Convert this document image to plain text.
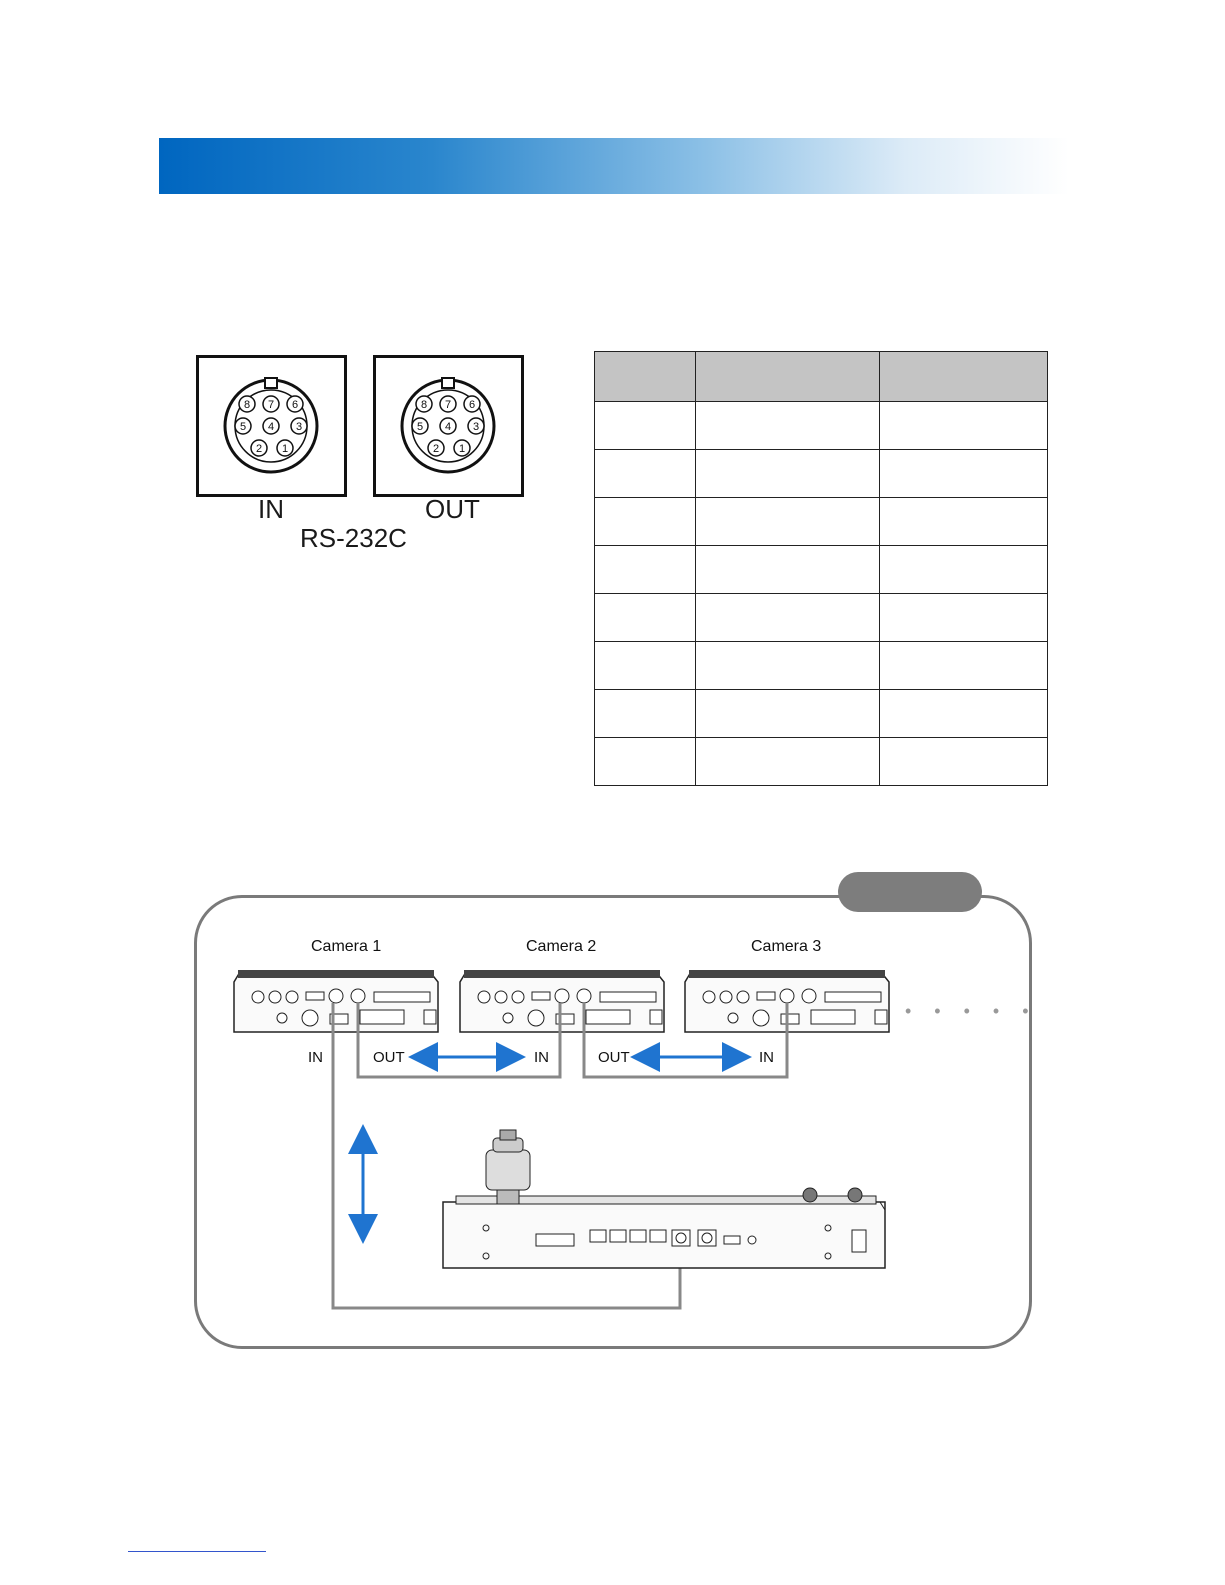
8 7 6
5 4 3
2 1
8 7 6
5 4 3
2 1
IN	OUT
RS-232C

Camera 1	Camera 2	Camera 3
IN	OUT	IN	OUT	IN
• • • • •
